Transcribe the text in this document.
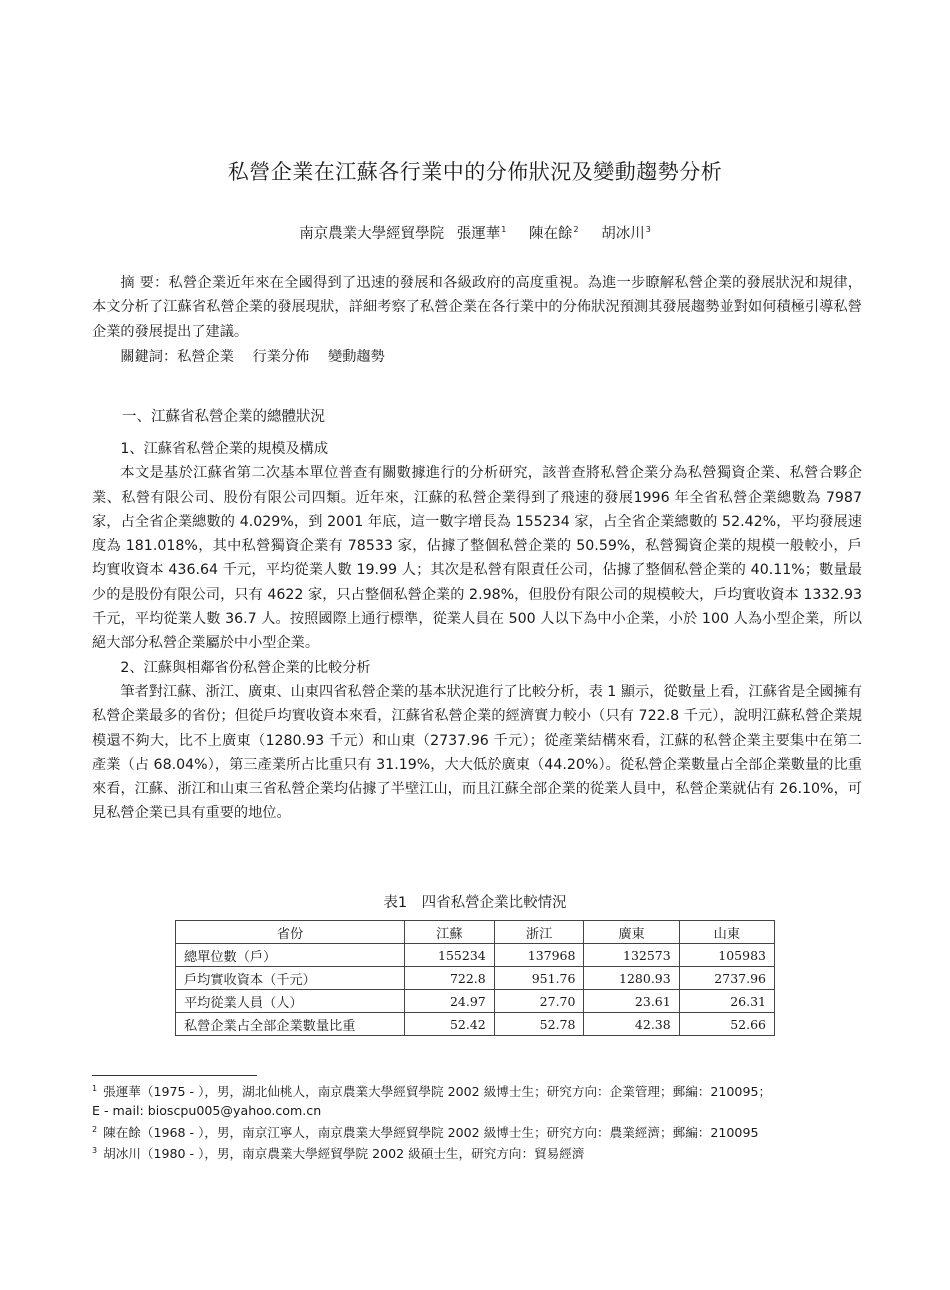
私營企業在江蘇各行業中的分佈狀況及變動趨勢分析
南京農業大學經貿學院 張運華$^1$ 陳在餘$^2$ 胡冰川$^3$

摘 要：私營企業近年來在全國得到了迅速的發展和各級政府的高度重視。為進一步瞭解私營企業的發展狀況和規律，本文分析了江蘇省私營企業的發展現狀，詳細考察了私營企業在各行業中的分佈狀況預測其發展趨勢並對如何積極引導私營企業的發展提出了建議。

關鍵詞：私營企業　 行業分佈　 變動趨勢

一、江蘇省私營企業的總體狀況

1、江蘇省私營企業的規模及構成

本文是基於江蘇省第二次基本單位普查有關數據進行的分析研究，該普查將私營企業分為私營獨資企業、私營合夥企業、私營有限公司、股份有限公司四類。近年來，江蘇的私營企業得到了飛速的發展1996 年全省私營企業總數為 7987 家，占全省企業總數的 4.029%，到 2001 年底，這一數字增長為 155234 家，占全省企業總數的 52.42%，平均發展速度為 181.018%，其中私營獨資企業有 78533 家，佔據了整個私營企業的 50.59%，私營獨資企業的規模一般較小，戶均實收資本 436.64 千元，平均從業人數 19.99 人；其次是私營有限責任公司，佔據了整個私營企業的 40.11%；數量最少的是股份有限公司，只有 4622 家，只占整個私營企業的 2.98%，但股份有限公司的規模較大，戶均實收資本 1332.93 千元，平均從業人數 36.7 人。按照國際上通行標準，從業人員在 500 人以下為中小企業，小於 100 人為小型企業，所以絕大部分私營企業屬於中小型企業。

2、江蘇與相鄰省份私營企業的比較分析

筆者對江蘇、浙江、廣東、山東四省私營企業的基本狀況進行了比較分析，表 1 顯示，從數量上看，江蘇省是全國擁有私營企業最多的省份；但從戶均實收資本來看，江蘇省私營企業的經濟實力較小（只有 722.8 千元），說明江蘇私營企業規模還不夠大，比不上廣東（1280.93 千元）和山東（2737.96 千元）；從產業結構來看，江蘇的私營企業主要集中在第二產業（占 68.04%），第三產業所占比重只有 31.19%，大大低於廣東（44.20%）。從私營企業數量占全部企業數量的比重來看，江蘇、浙江和山東三省私營企業均佔據了半壁江山，而且江蘇全部企業的從業人員中，私營企業就佔有 26.10%，可見私營企業已具有重要的地位。

表1　四省私營企業比較情況
省份	江蘇	浙江	廣東	山東
總單位數（戶）	155234	137968	132573	105983
戶均實收資本（千元）	722.8	951.76	1280.93	2737.96
平均從業人員（人）	24.97	27.70	23.61	26.31
私營企業占全部企業數量比重	52.42	52.78	42.38	52.66

$^1$ 張運華（1975 - ），男，湖北仙桃人，南京農業大學經貿學院 2002 級博士生；研究方向：企業管理；郵編：210095；

E - mail: bioscpu005@yahoo.com.cn

$^2$ 陳在餘（1968 - ），男，南京江寧人，南京農業大學經貿學院 2002 級博士生；研究方向：農業經濟；郵編：210095

$^3$ 胡冰川（1980 - ），男，南京農業大學經貿學院 2002 級碩士生，研究方向：貿易經濟
